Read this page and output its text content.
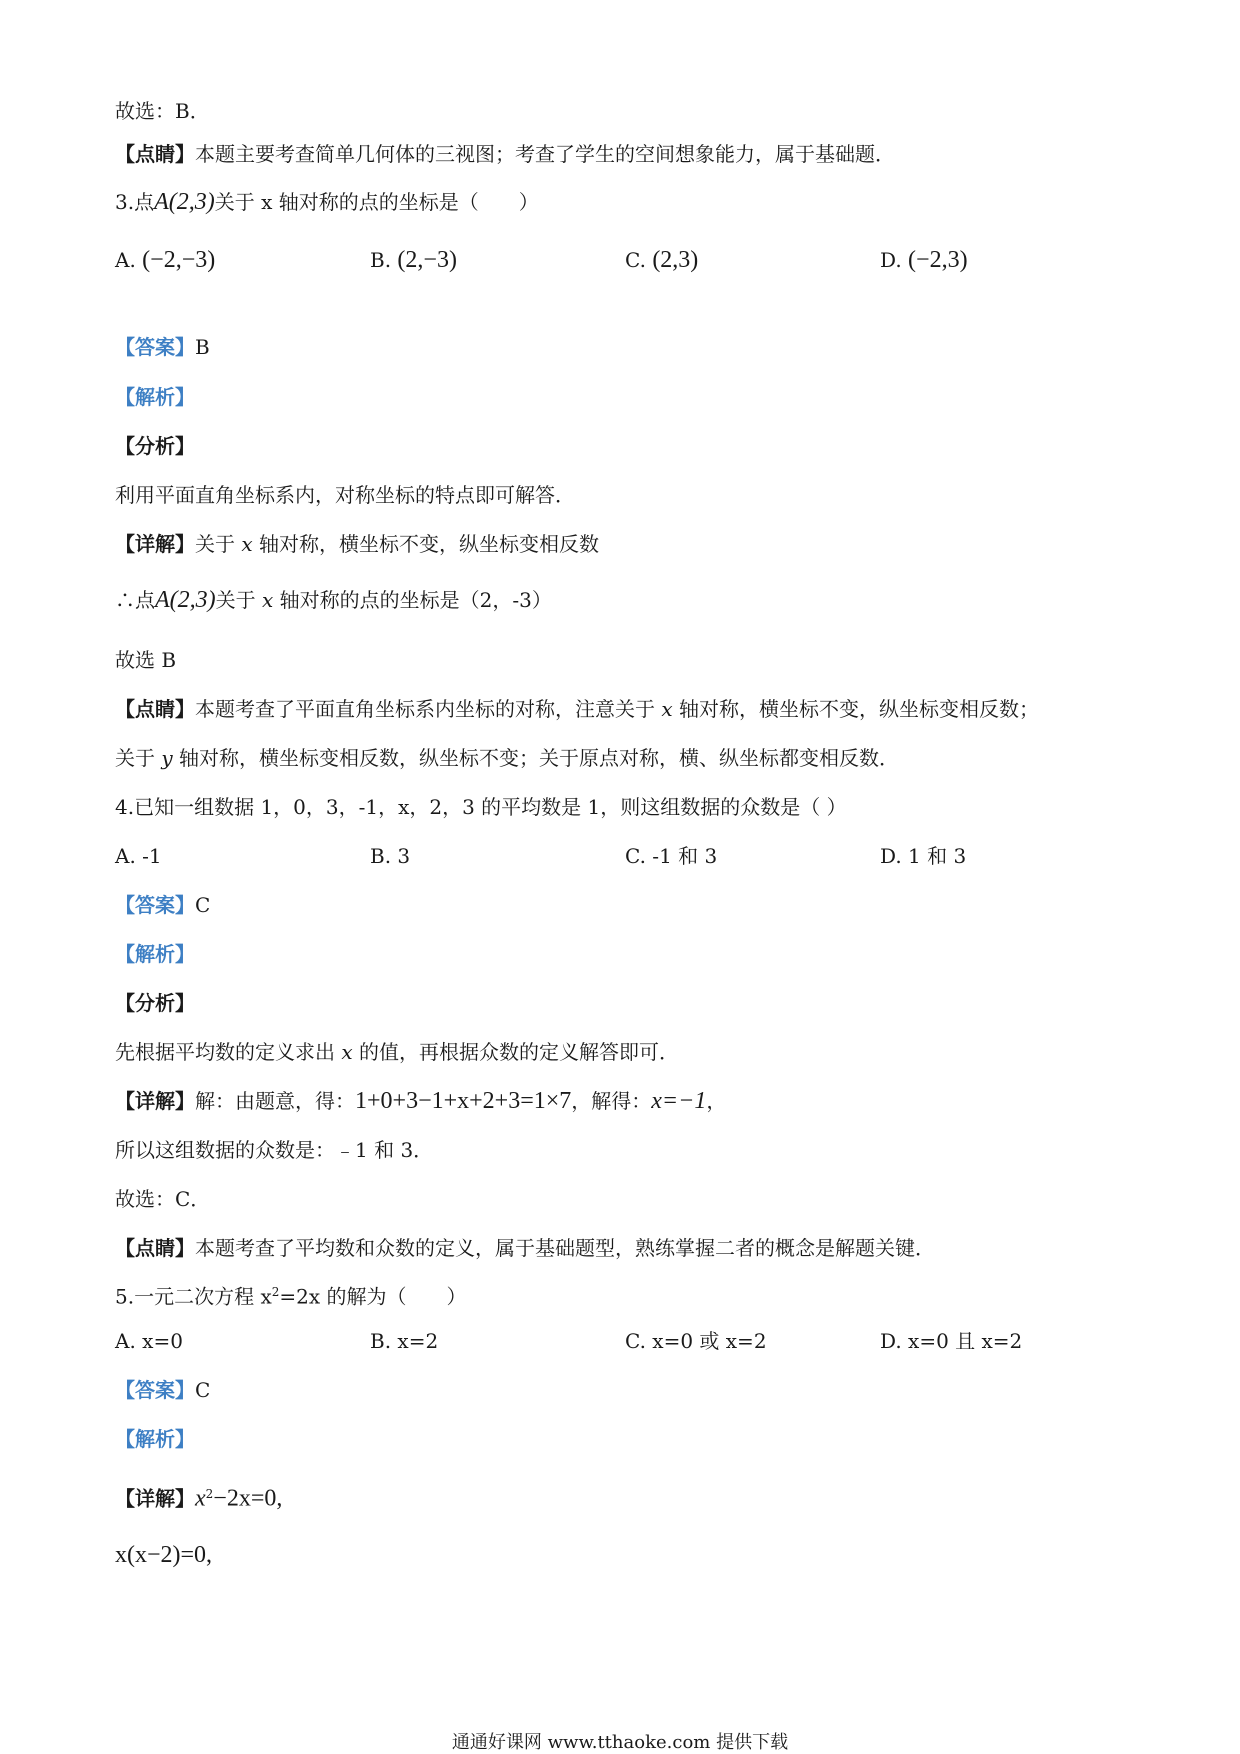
故选：B．
【点睛】本题主要考查简单几何体的三视图；考查了学生的空间想象能力，属于基础题．
3.点A(2,3)关于 x 轴对称的点的坐标是（　　）
A. (−2,−3)	B. (2,−3)	C. (2,3)	D. (−2,3)
【答案】B
【解析】
【分析】
利用平面直角坐标系内，对称坐标的特点即可解答．
【详解】关于 x 轴对称，横坐标不变，纵坐标变相反数
∴点A(2,3)关于 x 轴对称的点的坐标是（2，-3）
故选 B
【点睛】本题考查了平面直角坐标系内坐标的对称，注意关于 x 轴对称，横坐标不变，纵坐标变相反数；
关于 y 轴对称，横坐标变相反数，纵坐标不变；关于原点对称，横、纵坐标都变相反数．
4.已知一组数据 1，0，3，-1，x，2，3 的平均数是 1，则这组数据的众数是（ ）
A. -1	B. 3	C. -1 和 3	D. 1 和 3
【答案】C
【解析】
【分析】
先根据平均数的定义求出 x 的值，再根据众数的定义解答即可．
【详解】解：由题意，得：1+0+3−1+x+2+3=1×7，解得：x=−1，
所以这组数据的众数是：﹣1 和 3．
故选：C．
【点睛】本题考查了平均数和众数的定义，属于基础题型，熟练掌握二者的概念是解题关键．
5.一元二次方程 $x^2=2x$ 的解为（　　）
A. x=0	B. x=2	C. x=0 或 x=2	D. x=0 且 x=2
【答案】C
【解析】
【详解】$x^2-2x=0$,
x(x−2)=0,
通通好课网 www.tthaoke.com 提供下载
